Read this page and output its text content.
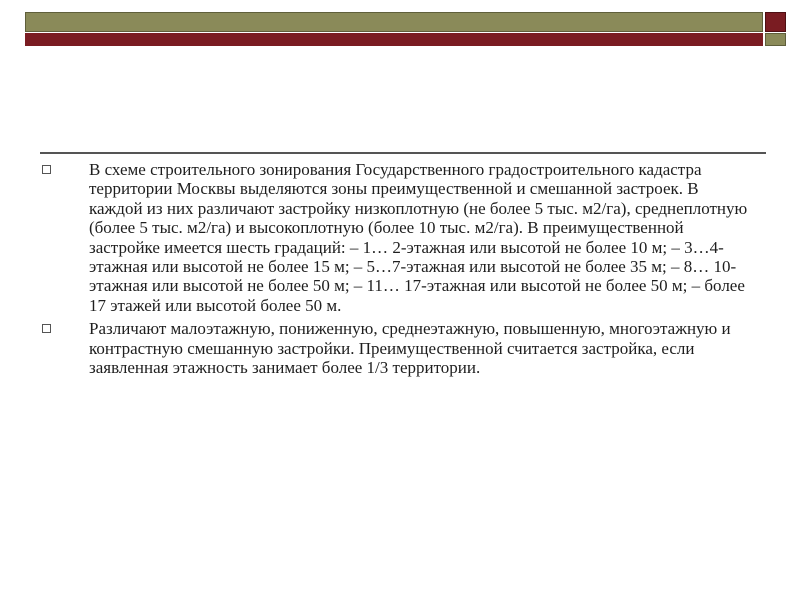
В схеме строительного зонирования Государственного градостроительного кадастра территории Москвы выделяются зоны преимущественной и смешанной застроек. В каждой из них различают застройку низкоплотную (не более 5 тыс. м2/га), среднеплотную (более 5 тыс. м2/га) и высокоплотную (более 10 тыс. м2/га). В преимущественной застройке имеется шесть градаций: – 1… 2-этажная или высотой не более 10 м; – 3…4-этажная или высотой не более 15 м; – 5…7-этажная или высотой не более 35 м; – 8… 10-этажная или высотой не более 50 м; – 11… 17-этажная или высотой не более 50 м; – более 17 этажей или высотой более 50 м.
Различают малоэтажную, пониженную, среднеэтажную, повышенную, многоэтажную и контрастную смешанную застройки. Преимущественной считается застройка, если заявленная этажность занимает более 1/3 территории.
